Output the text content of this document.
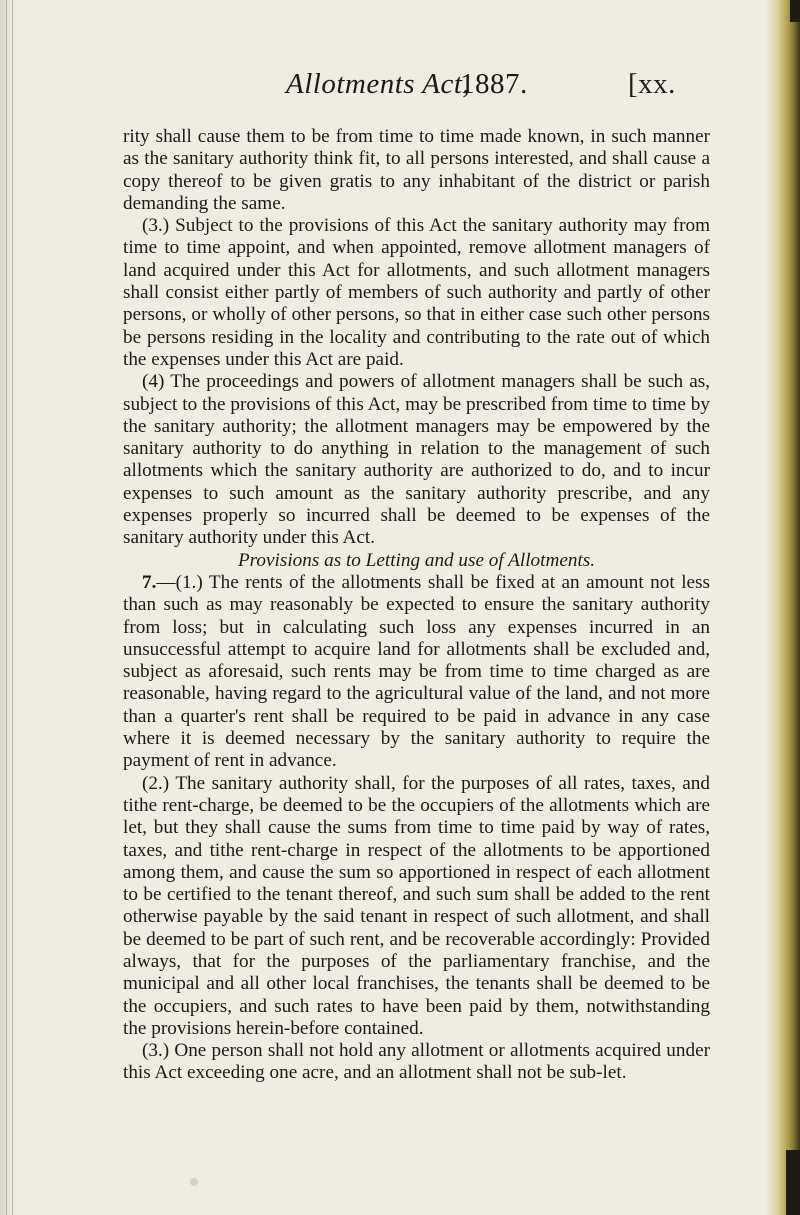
Allotments Act,
1887.	[xx.

rity shall cause them to be from time to time made known, in such manner as the sanitary authority think fit, to all persons interested, and shall cause a copy thereof to be given gratis to any inhabitant of the district or parish demanding the same.

(3.) Subject to the provisions of this Act the sanitary authority may from time to time appoint, and when appointed, remove allotment managers of land acquired under this Act for allotments, and such allotment managers shall consist either partly of members of such authority and partly of other persons, or wholly of other persons, so that in either case such other persons be persons residing in the locality and contributing to the rate out of which the expenses under this Act are paid.

(4) The proceedings and powers of allotment managers shall be such as, subject to the provisions of this Act, may be prescribed from time to time by the sanitary authority; the allotment managers may be empowered by the sanitary authority to do anything in relation to the management of such allotments which the sanitary authority are authorized to do, and to incur expenses to such amount as the sanitary authority prescribe, and any expenses properly so incurred shall be deemed to be expenses of the sanitary authority under this Act.

Provisions as to Letting and use of Allotments.

7.—(1.) The rents of the allotments shall be fixed at an amount not less than such as may reasonably be expected to ensure the sanitary authority from loss; but in calculating such loss any expenses incurred in an unsuccessful attempt to acquire land for allotments shall be excluded and, subject as aforesaid, such rents may be from time to time charged as are reasonable, having regard to the agricultural value of the land, and not more than a quarter's rent shall be required to be paid in advance in any case where it is deemed necessary by the sanitary authority to require the payment of rent in advance.

(2.) The sanitary authority shall, for the purposes of all rates, taxes, and tithe rent-charge, be deemed to be the occupiers of the allotments which are let, but they shall cause the sums from time to time paid by way of rates, taxes, and tithe rent-charge in respect of the allotments to be apportioned among them, and cause the sum so apportioned in respect of each allotment to be certified to the tenant thereof, and such sum shall be added to the rent otherwise payable by the said tenant in respect of such allotment, and shall be deemed to be part of such rent, and be recoverable accordingly: Provided always, that for the purposes of the parliamentary franchise, and the municipal and all other local franchises, the tenants shall be deemed to be the occupiers, and such rates to have been paid by them, notwithstanding the provisions herein-before contained.

(3.) One person shall not hold any allotment or allotments acquired under this Act exceeding one acre, and an allotment shall not be sub-let.
